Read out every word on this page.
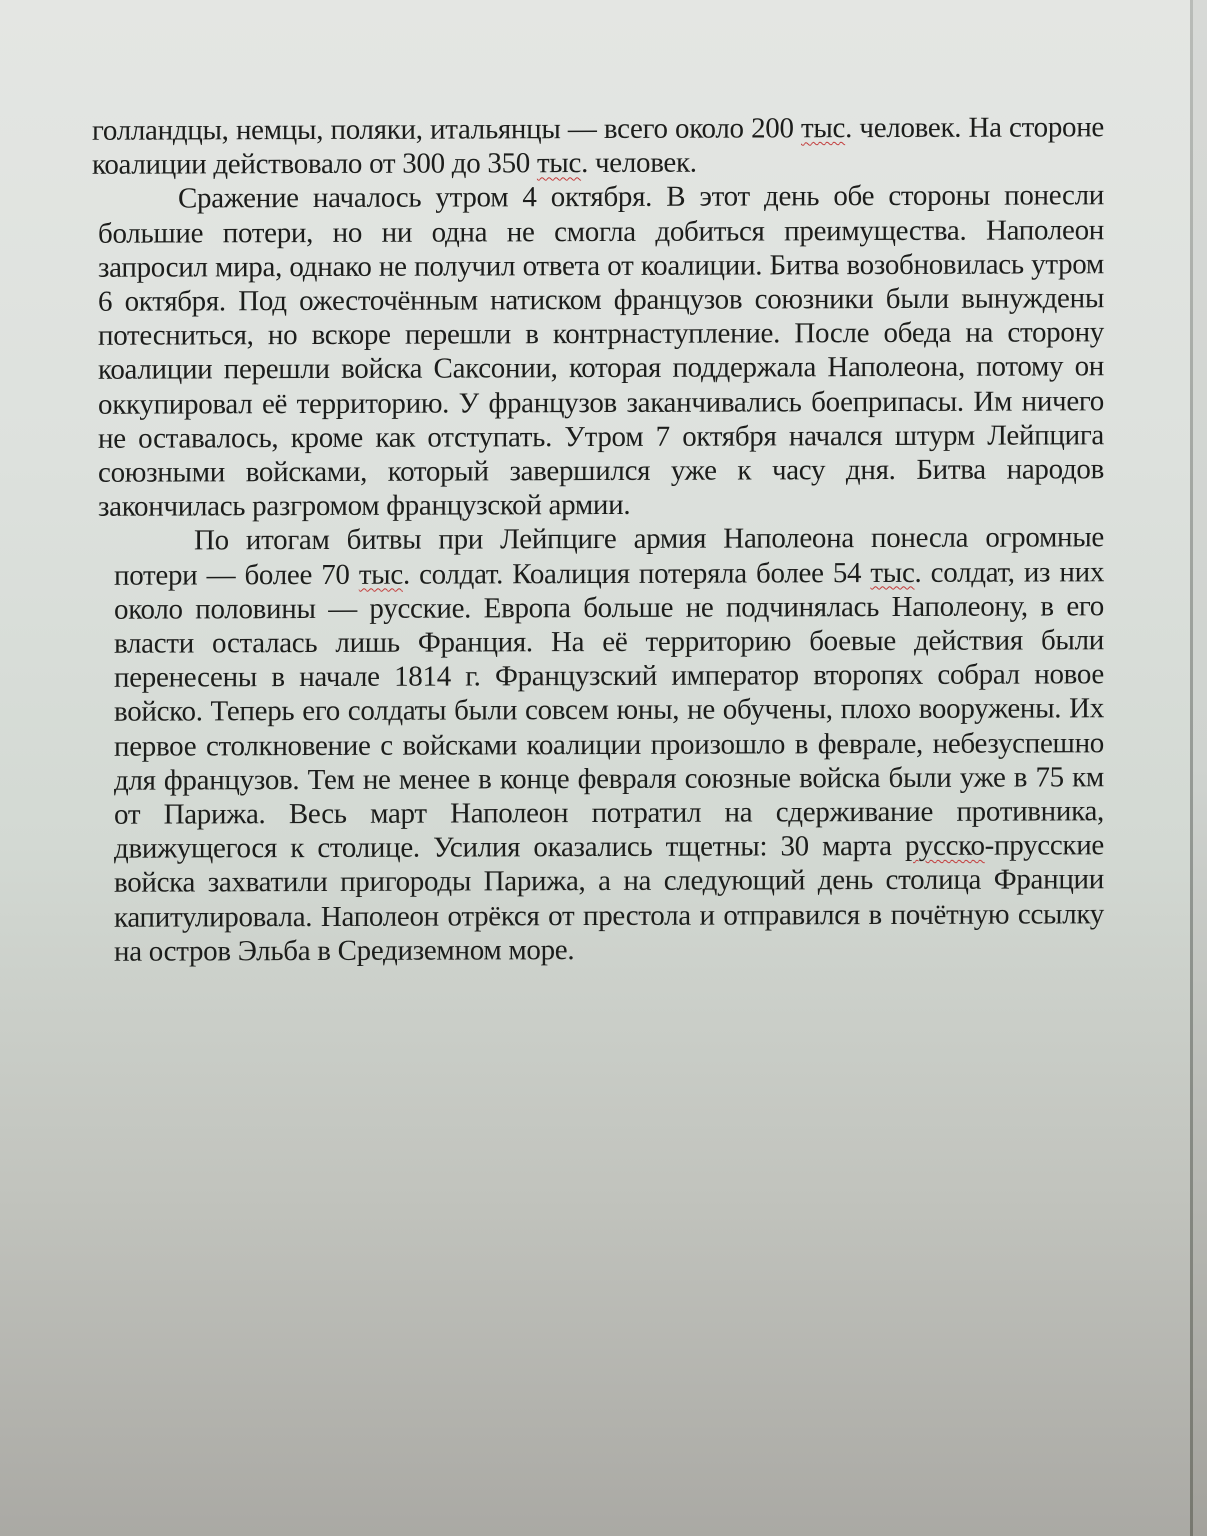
голландцы, немцы, поляки, итальянцы — всего около 200 тыс. человек. На стороне коалиции действовало от 300 до 350 тыс. человек.

Сражение началось утром 4 октября. В этот день обе стороны понесли большие потери, но ни одна не смогла добиться преимущества. Наполеон запросил мира, однако не получил ответа от коалиции. Битва возобновилась утром 6 октября. Под ожесточённым натиском французов союзники были вынуждены потесниться, но вскоре перешли в контрнаступление. После обеда на сторону коалиции перешли войска Саксонии, которая поддержала Наполеона, потому он оккупировал её территорию. У французов заканчивались боеприпасы. Им ничего не оставалось, кроме как отступать. Утром 7 октября начался штурм Лейпцига союзными войсками, который завершился уже к часу дня. Битва народов закончилась разгромом французской армии.

По итогам битвы при Лейпциге армия Наполеона понесла огромные потери — более 70 тыс. солдат. Коалиция потеряла более 54 тыс. солдат, из них около половины — русские. Европа больше не подчинялась Наполеону, в его власти осталась лишь Франция. На её территорию боевые действия были перенесены в начале 1814 г. Французский император второпях собрал новое войско. Теперь его солдаты были совсем юны, не обучены, плохо вооружены. Их первое столкновение с войсками коалиции произошло в феврале, небезуспешно для французов. Тем не менее в конце февраля союзные войска были уже в 75 км от Парижа. Весь март Наполеон потратил на сдерживание противника, движущегося к столице. Усилия оказались тщетны: 30 марта русско-прусские войска захватили пригороды Парижа, а на следующий день столица Франции капитулировала. Наполеон отрёкся от престола и отправился в почётную ссылку на остров Эльба в Средиземном море.
